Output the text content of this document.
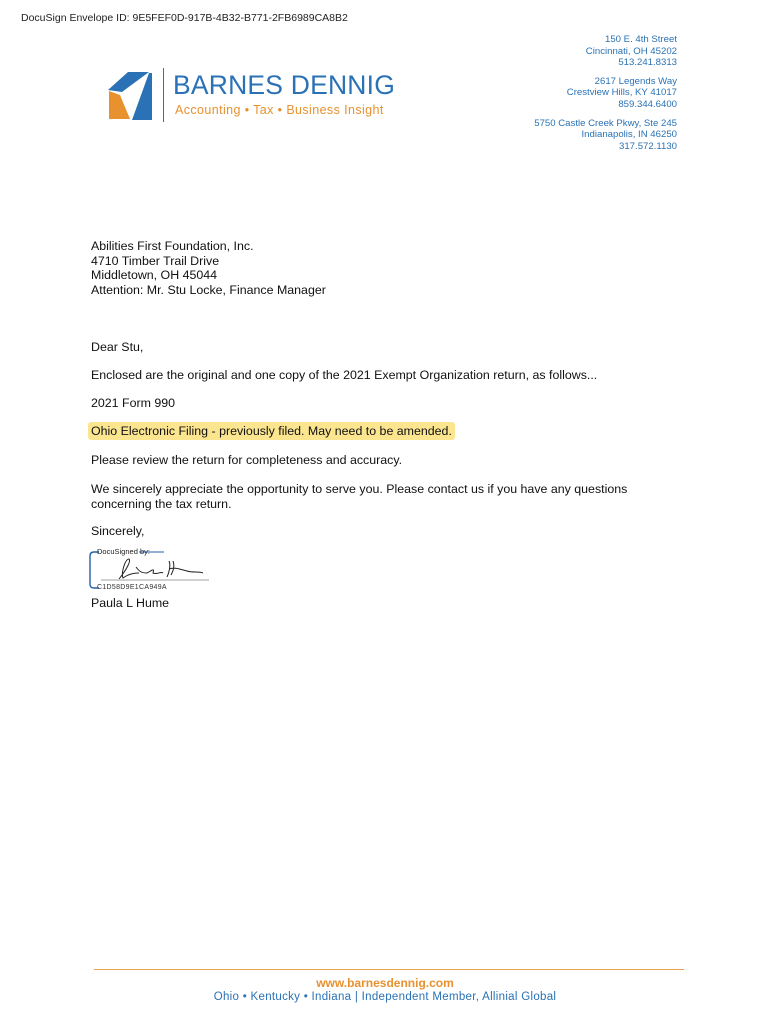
DocuSign Envelope ID: 9E5FEF0D-917B-4B32-B771-2FB6989CA8B2
BARNES DENNIG
Accounting • Tax • Business Insight
150 E. 4th Street
Cincinnati, OH 45202
513.241.8313
2617 Legends Way
Crestview Hills, KY 41017
859.344.6400
5750 Castle Creek Pkwy, Ste 245
Indianapolis, IN 46250
317.572.1130
Abilities First Foundation, Inc.
4710 Timber Trail Drive
Middletown, OH 45044
Attention: Mr. Stu Locke, Finance Manager
Dear Stu,
Enclosed are the original and one copy of the 2021 Exempt Organization return, as follows...
2021 Form 990
Ohio Electronic Filing - previously filed. May need to be amended.
Please review the return for completeness and accuracy.
We sincerely appreciate the opportunity to serve you. Please contact us if you have any questions concerning the tax return.
Sincerely,
DocuSigned by:
C1D58D9E1CA949A
Paula L Hume
www.barnesdennig.com
Ohio • Kentucky • Indiana | Independent Member, Allinial Global
